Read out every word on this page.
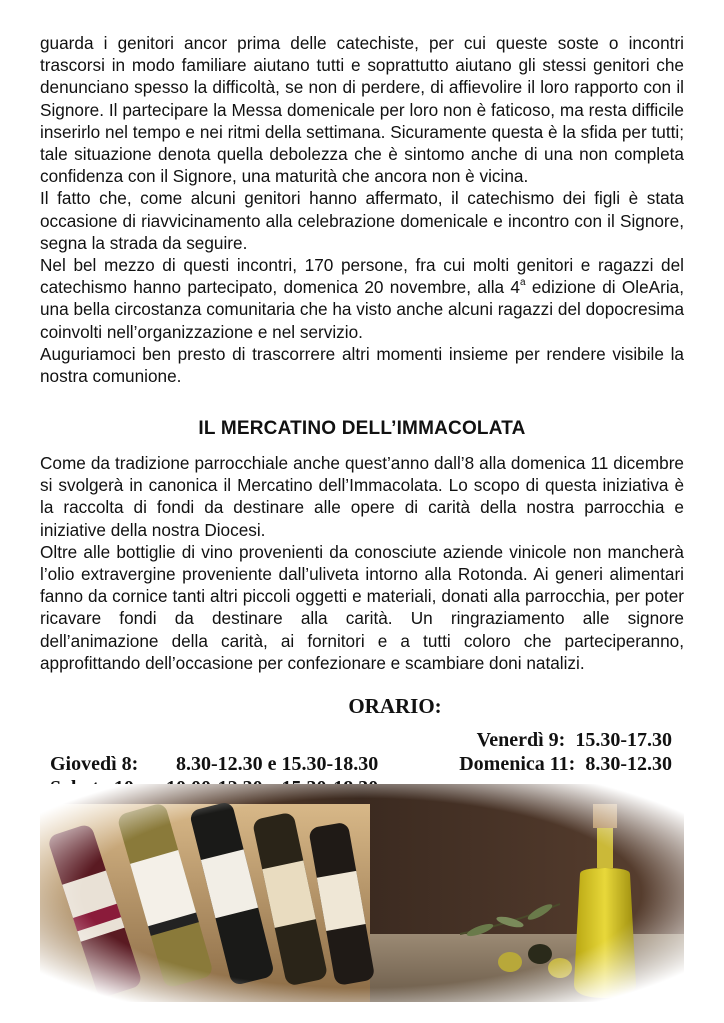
guarda i genitori ancor prima delle catechiste, per cui queste soste o incontri trascorsi in modo familiare aiutano tutti e soprattutto aiutano gli stessi genitori che denunciano spesso la difficoltà, se non di perdere, di affievolire il loro rapporto con il Signore. Il partecipare la Messa domenicale per loro non è faticoso, ma resta difficile inserirlo nel tempo e nei ritmi della settimana. Sicuramente questa è la sfida per tutti; tale situazione denota quella debolezza che è sintomo anche di una non completa confidenza con il Signore, una maturità che ancora non è vicina.

Il fatto che, come alcuni genitori hanno affermato, il catechismo dei figli è stata occasione di riavvicinamento alla celebrazione domenicale e incontro con il Signore, segna la strada da seguire.

Nel bel mezzo di questi incontri, 170 persone, fra cui molti genitori e ragazzi del catechismo hanno partecipato, domenica 20 novembre, alla 4$^a$ edizione di OleAria, una bella circostanza comunitaria che ha visto anche alcuni ragazzi del dopocresima coinvolti nell’organizzazione e nel servizio.

Auguriamoci ben presto di trascorrere altri momenti insieme per rendere visibile la nostra comunione.

IL MERCATINO DELL’IMMACOLATA

Come da tradizione parrocchiale anche quest’anno dall’8 alla domenica 11 dicembre si svolgerà in canonica il Mercatino dell’Immacolata. Lo scopo di questa iniziativa è la raccolta di fondi da destinare alle opere di carità della nostra parrocchia e iniziative della nostra Diocesi.

Oltre alle bottiglie di vino provenienti da conosciute aziende vinicole non mancherà l’olio extravergine proveniente dall’uliveta intorno alla Rotonda. Ai generi alimentari fanno da cornice tanti altri piccoli oggetti e materiali, donati alla parrocchia, per poter ricavare fondi da destinare alla carità. Un ringraziamento alle signore dell’animazione della carità, ai fornitori e a tutti coloro che parteciperanno, approfittando dell’occasione per confezionare e scambiare doni natalizi.

ORARIO:

Giovedì 8: 8.30-12.30 e 15.30-18.30

Venerdì 9:  15.30-17.30

Domenica 11:  8.30-12.30
